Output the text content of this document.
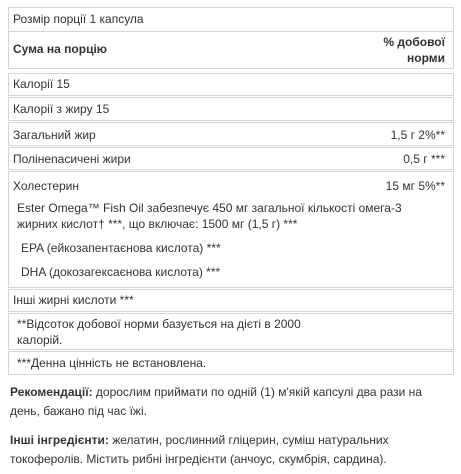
Розмір порції 1 капсула
Сума на порцію	% добової
норми
Калорії 15
Калорії з жиру 15
Загальний жир	1,5 г 2%**
Полінenaсичені жири	0,5 г ***
Холестерин	15 мг 5%**
Ester Omega™ Fish Oil забезпечує 450 мг загальної кількості омега-3
жирних кислот† ***, що включає: 1500 мг (1,5 г) ***
EPA (ейкозапентаєнова кислота) ***
DHA (докозагексаєнова кислота) ***
Інші жирні кислоти ***
**Відсоток добової норми базується на дієті в 2000
калорій.
***Денна цінність не встановлена.
Рекомендації: дорослим приймати по одній (1) м'якій капсулі два рази на
день, бажано під час їжі.
Інші інгредієнти: желатин, рослинний гліцерин, суміш натуральних
токоферолів. Містить рибні інгредієнти (анчоус, скумбрія, сардина).
